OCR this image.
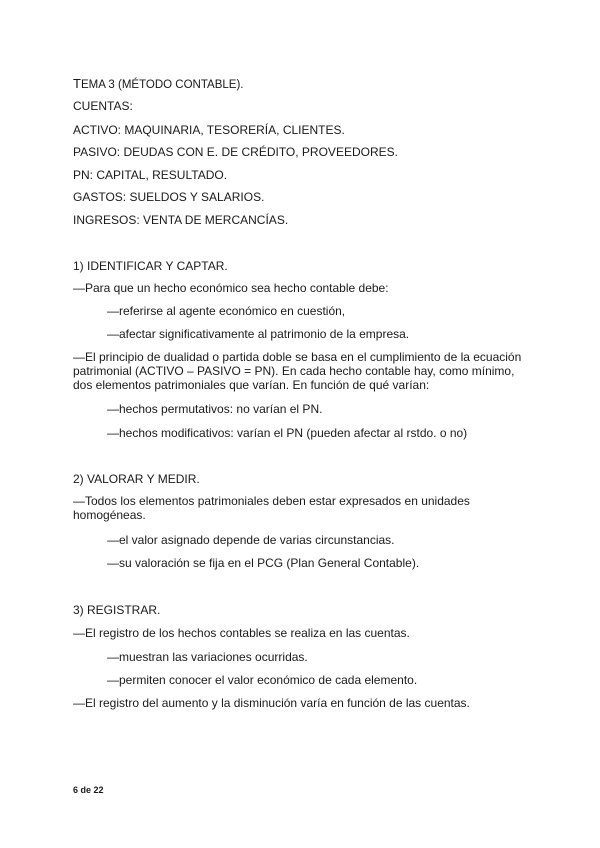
TEMA 3 (MÉTODO CONTABLE).
CUENTAS:
ACTIVO: MAQUINARIA, TESORERÍA, CLIENTES.
PASIVO: DEUDAS CON E. DE CRÉDITO, PROVEEDORES.
PN: CAPITAL, RESULTADO.
GASTOS: SUELDOS Y SALARIOS.
INGRESOS: VENTA DE MERCANCÍAS.
1) IDENTIFICAR Y CAPTAR.
—Para que un hecho económico sea hecho contable debe:
—referirse al agente económico en cuestión,
—afectar significativamente al patrimonio de la empresa.
—El principio de dualidad o partida doble se basa en el cumplimiento de la ecuación patrimonial (ACTIVO – PASIVO = PN). En cada hecho contable hay, como mínimo, dos elementos patrimoniales que varían. En función de qué varían:
—hechos permutativos: no varían el PN.
—hechos modificativos: varían el PN (pueden afectar al rstdo. o no)
2) VALORAR Y MEDIR.
—Todos los elementos patrimoniales deben estar expresados en unidades homogéneas.
—el valor asignado depende de varias circunstancias.
—su valoración se fija en el PCG (Plan General Contable).
3) REGISTRAR.
—El registro de los hechos contables se realiza en las cuentas.
—muestran las variaciones ocurridas.
—permiten conocer el valor económico de cada elemento.
—El registro del aumento y la disminución varía en función de las cuentas.
6 de 22
